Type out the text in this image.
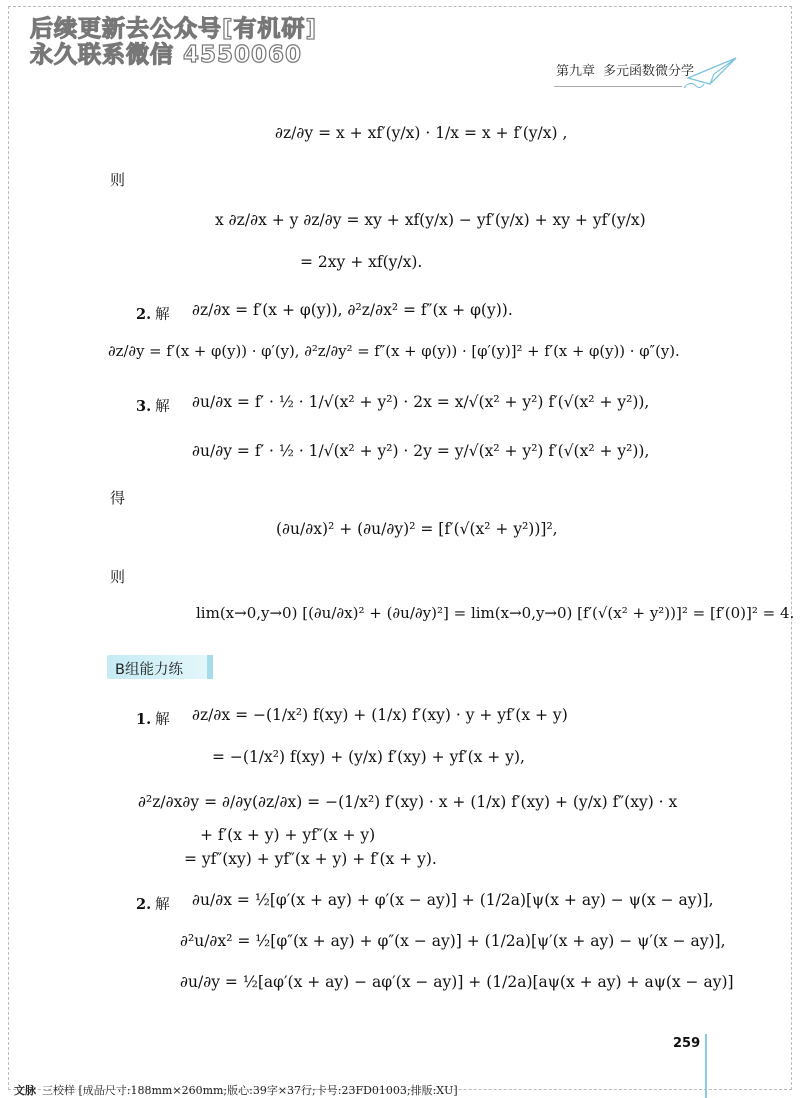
后续更新去公众号[有机研]
永久联系微信 4550060
第九章 多元函数微分学
∂z/∂y = x + xf′(y/x) · 1/x = x + f′(y/x) ,
则
x ∂z/∂x + y ∂z/∂y = xy + xf(y/x) − yf′(y/x) + xy + yf′(y/x)
= 2xy + xf(y/x).
2. 解 ∂z/∂x = f′(x + φ(y)), ∂²z/∂x² = f″(x + φ(y)).
∂z/∂y = f′(x + φ(y)) · φ′(y), ∂²z/∂y² = f″(x + φ(y)) · [φ′(y)]² + f′(x + φ(y)) · φ″(y).
3. 解 ∂u/∂x = f′ · ½ · 1/√(x² + y²) · 2x = x/√(x² + y²) f′(√(x² + y²)),
∂u/∂y = f′ · ½ · 1/√(x² + y²) · 2y = y/√(x² + y²) f′(√(x² + y²)),
得
(∂u/∂x)² + (∂u/∂y)² = [f′(√(x² + y²))]²,
则
lim(x→0,y→0) [(∂u/∂x)² + (∂u/∂y)²] = lim(x→0,y→0) [f′(√(x² + y²))]² = [f′(0)]² = 4.
B组能力练
1. 解 ∂z/∂x = −(1/x²) f(xy) + (1/x) f′(xy) · y + yf′(x + y)
= −(1/x²) f(xy) + (y/x) f′(xy) + yf′(x + y),
∂²z/∂x∂y = ∂/∂y(∂z/∂x) = −(1/x²) f′(xy) · x + (1/x) f′(xy) + (y/x) f″(xy) · x
+ f′(x + y) + yf″(x + y)
= yf″(xy) + yf″(x + y) + f′(x + y).
2. 解 ∂u/∂x = ½[φ′(x + ay) + φ′(x − ay)] + (1/2a)[ψ(x + ay) − ψ(x − ay)],
∂²u/∂x² = ½[φ″(x + ay) + φ″(x − ay)] + (1/2a)[ψ′(x + ay) − ψ′(x − ay)],
∂u/∂y = ½[aφ′(x + ay) − aφ′(x − ay)] + (1/2a)[aψ(x + ay) + aψ(x − ay)]
259
文脉 三校样 [成品尺寸:188mm×260mm;版心:39字×37行;卡号:23FD01003;排版:XU]
